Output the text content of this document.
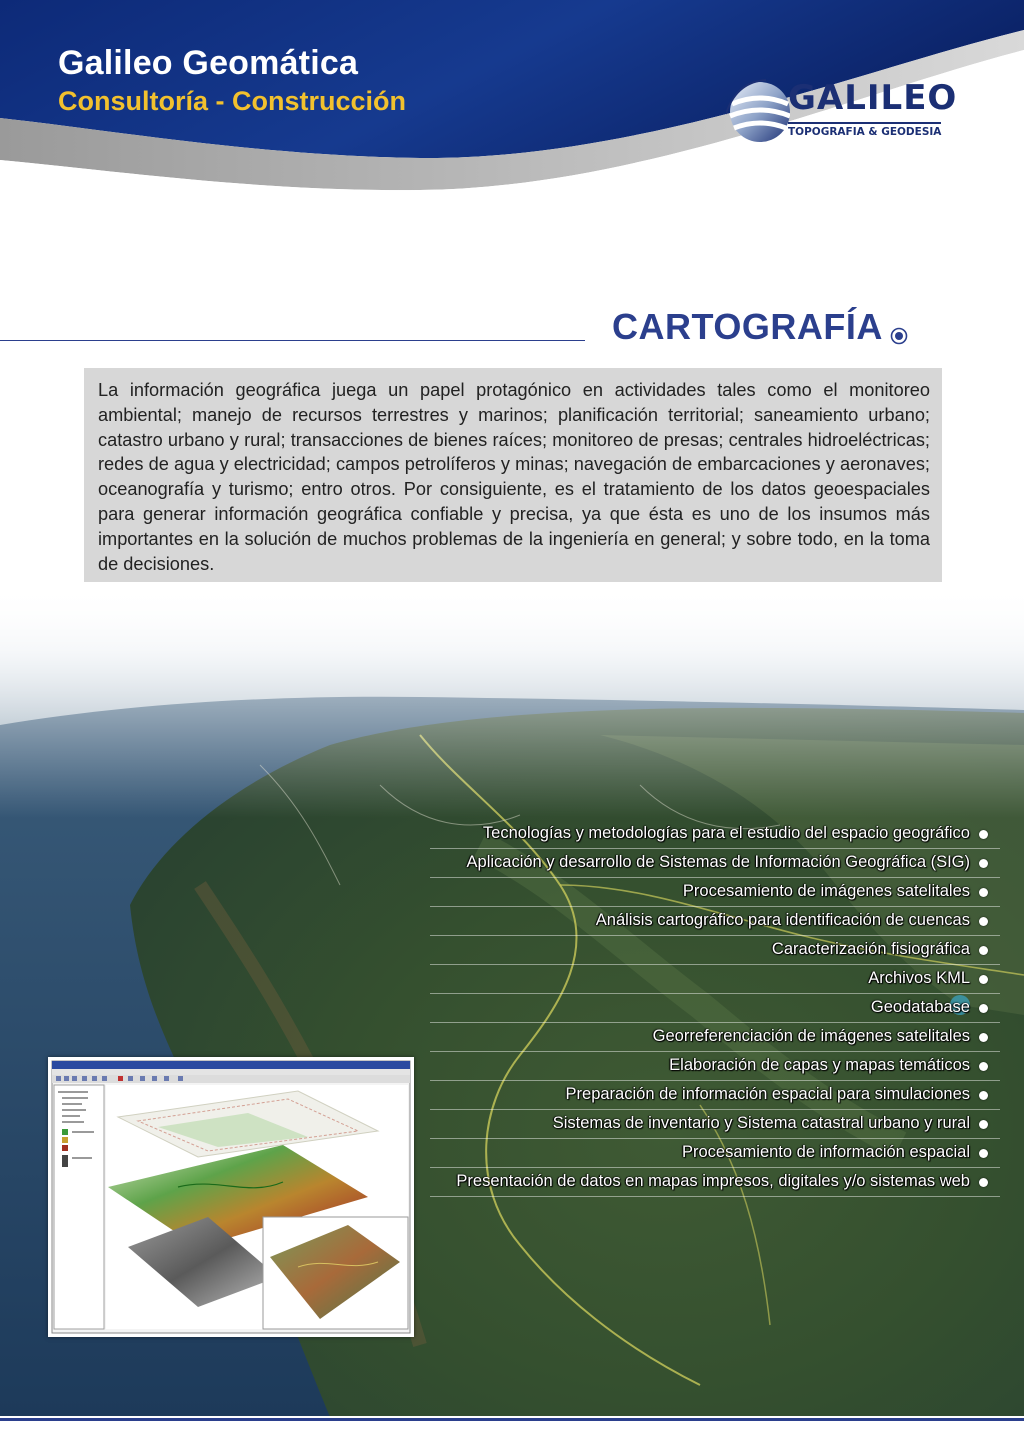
Galileo Geomática
Consultoría - Construcción	GALILEO

TOPOGRAFIA & GEODESIA

CARTOGRAFÍA

La información geográfica juega un papel protagónico en actividades tales como el monitoreo ambiental; manejo de recursos terrestres y marinos; planificación territorial; saneamiento urbano; catastro urbano y rural; transacciones de bienes raíces; monitoreo de presas; centrales hidroeléctricas; redes de agua y electricidad; campos petrolíferos y minas; navegación de embarcaciones y aeronaves; oceanografía y turismo; entro otros. Por consiguiente, es el tratamiento de los datos geoespaciales para generar información geográfica confiable y precisa, ya que ésta es uno de los insumos más importantes en la solución de muchos problemas de la ingeniería en general; y sobre todo, en la toma de decisiones.

Tecnologías y metodologías para el estudio del espacio geográfico
Aplicación y desarrollo de Sistemas de Información Geográfica (SIG)
Procesamiento de imágenes satelitales
Análisis cartográfico para identificación de cuencas
Caracterización fisiográfica
Archivos KML
Geodatabase
Georreferenciación de imágenes satelitales
Elaboración de capas y mapas temáticos
Preparación de información espacial para simulaciones
Sistemas de inventario y Sistema catastral urbano y rural
Procesamiento de información espacial
Presentación de datos en mapas impresos, digitales y/o sistemas web
